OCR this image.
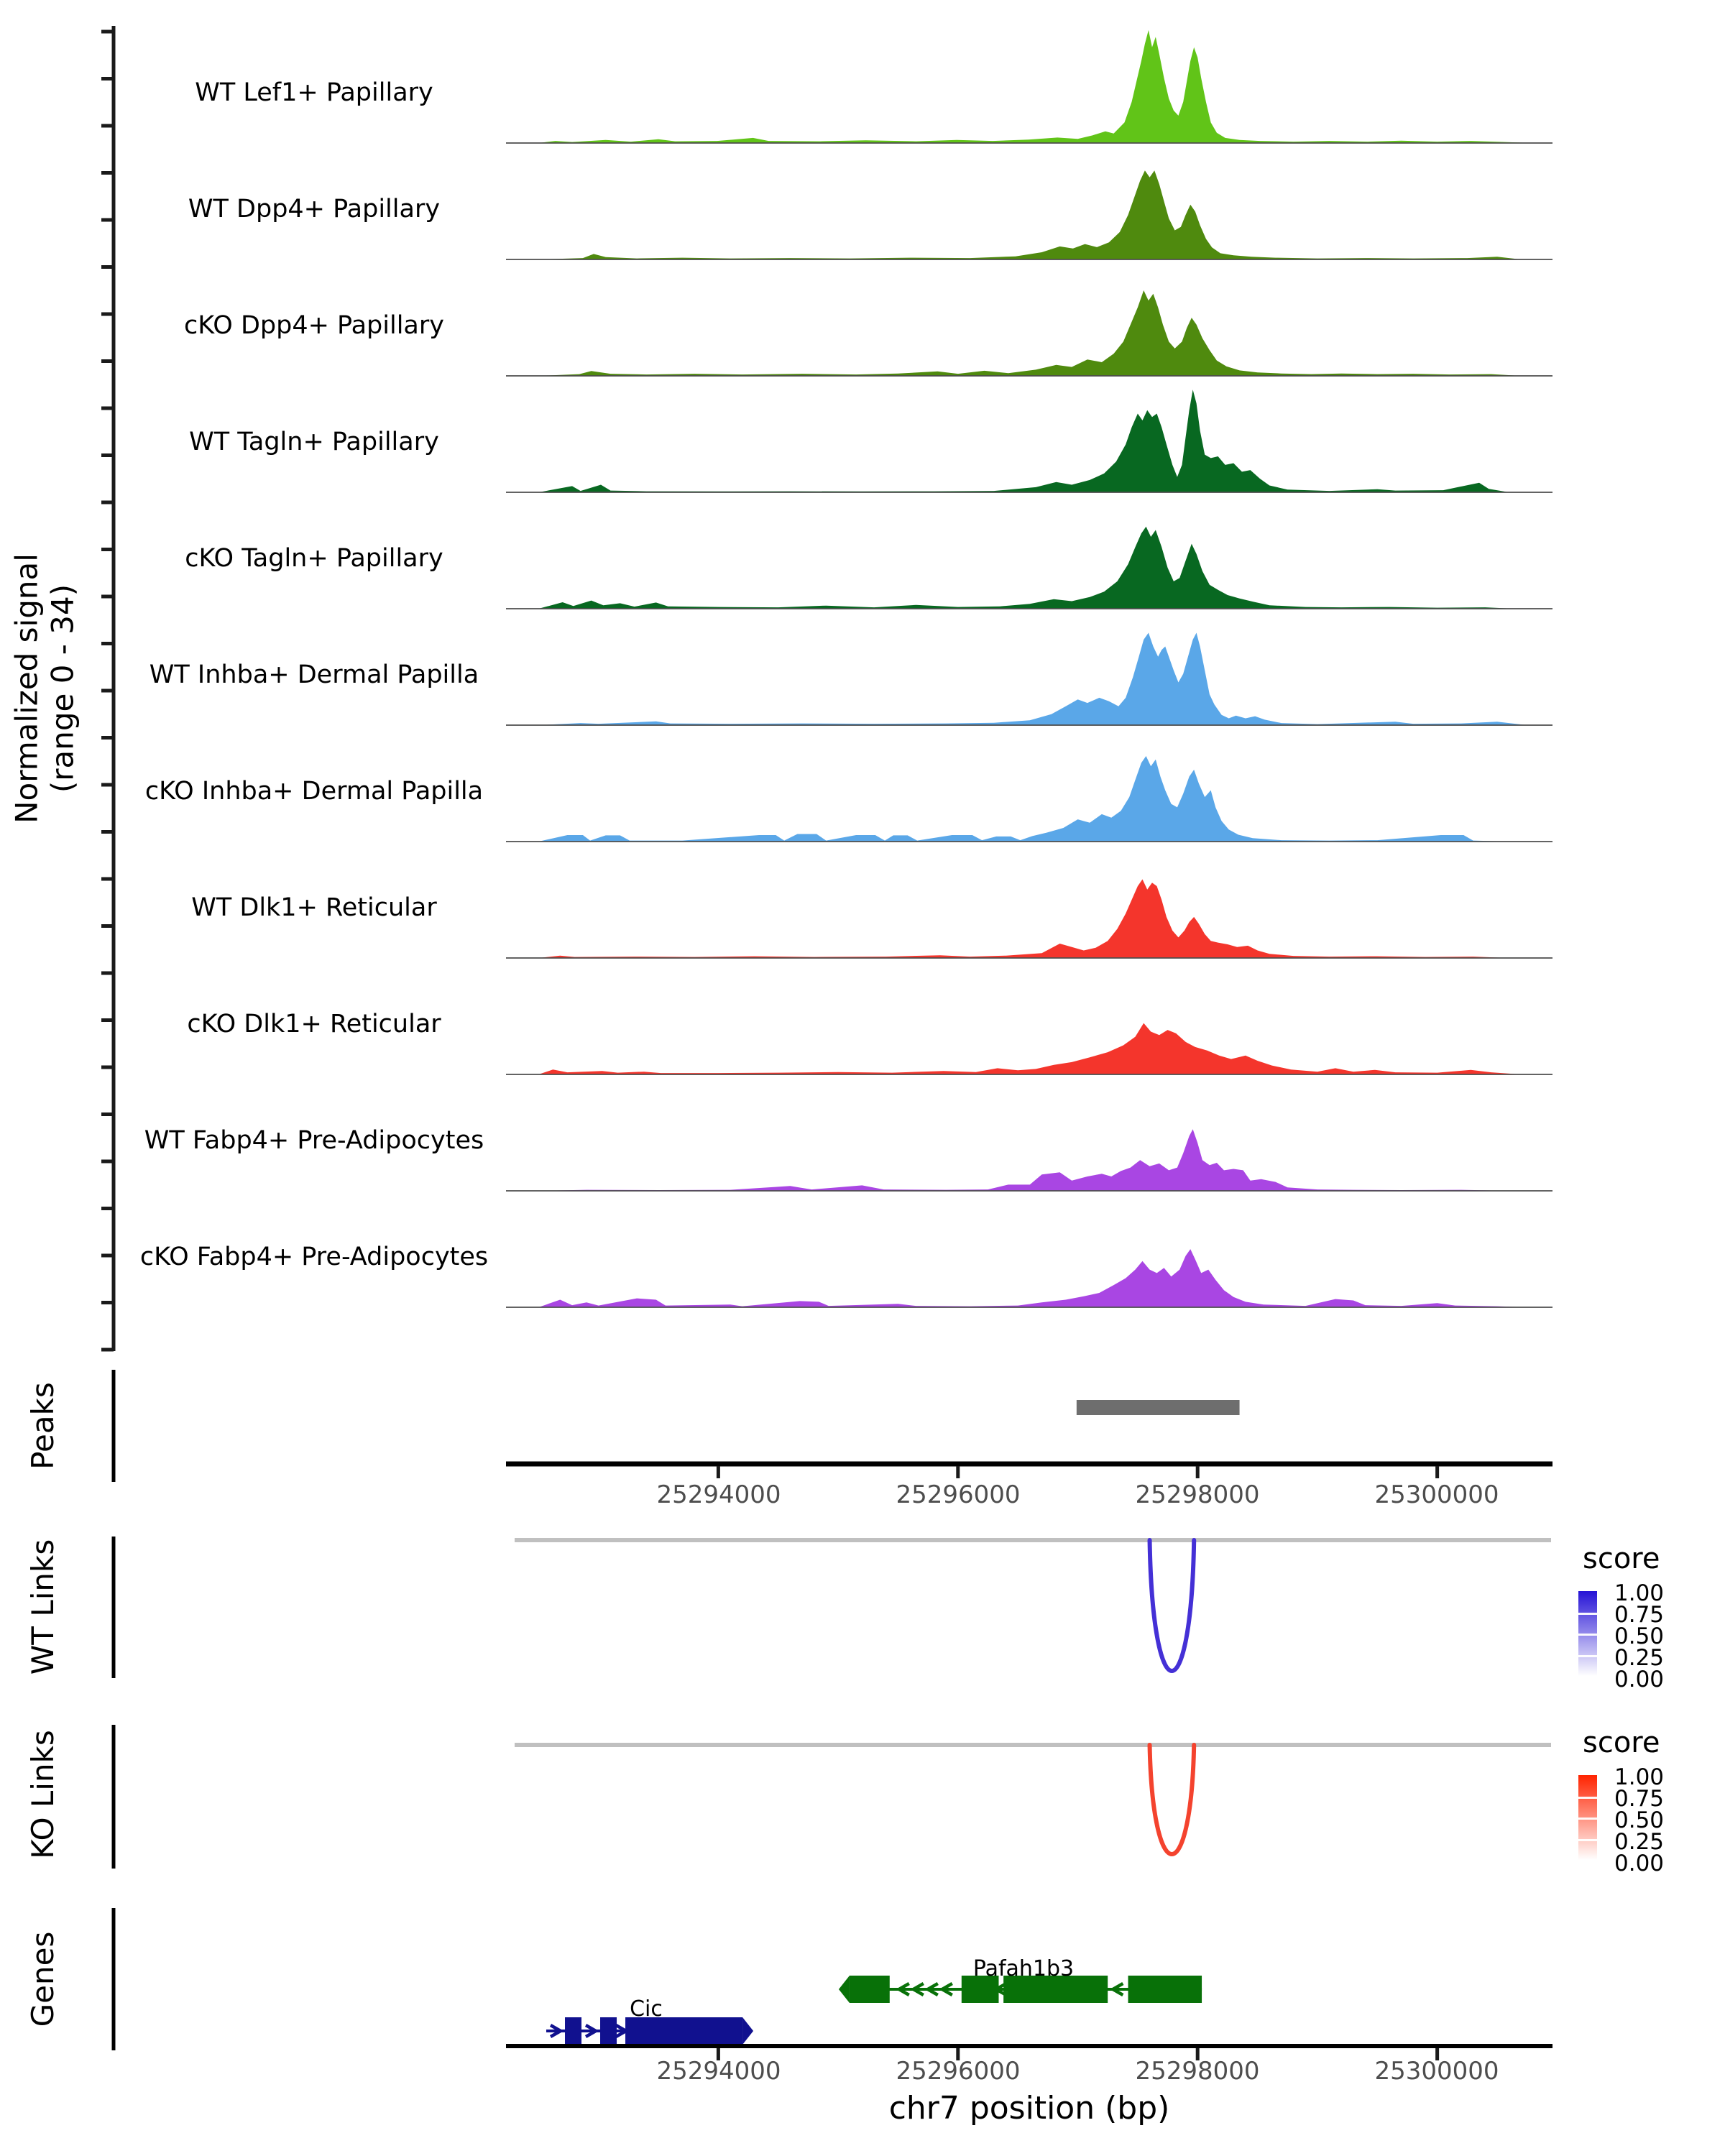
Normalized signal (range 0 - 34)
Peaks
WT Links
KO Links
Genes
WT Lef1+ Papillary
WT Dpp4+ Papillary
cKO Dpp4+ Papillary
WT Tagln+ Papillary
cKO Tagln+ Papillary
WT Inhba+ Dermal Papilla
cKO Inhba+ Dermal Papilla
WT Dlk1+ Reticular
cKO Dlk1+ Reticular
WT Fabp4+ Pre-Adipocytes
cKO Fabp4+ Pre-Adipocytes
25294000	25296000	25298000	25300000
25294000	25296000	25298000	25300000
chr7 position (bp)
Pafah1b3
Cic
score
1.00
0.75
0.50
0.25
0.00
score
1.00
0.75
0.50
0.25
0.00
